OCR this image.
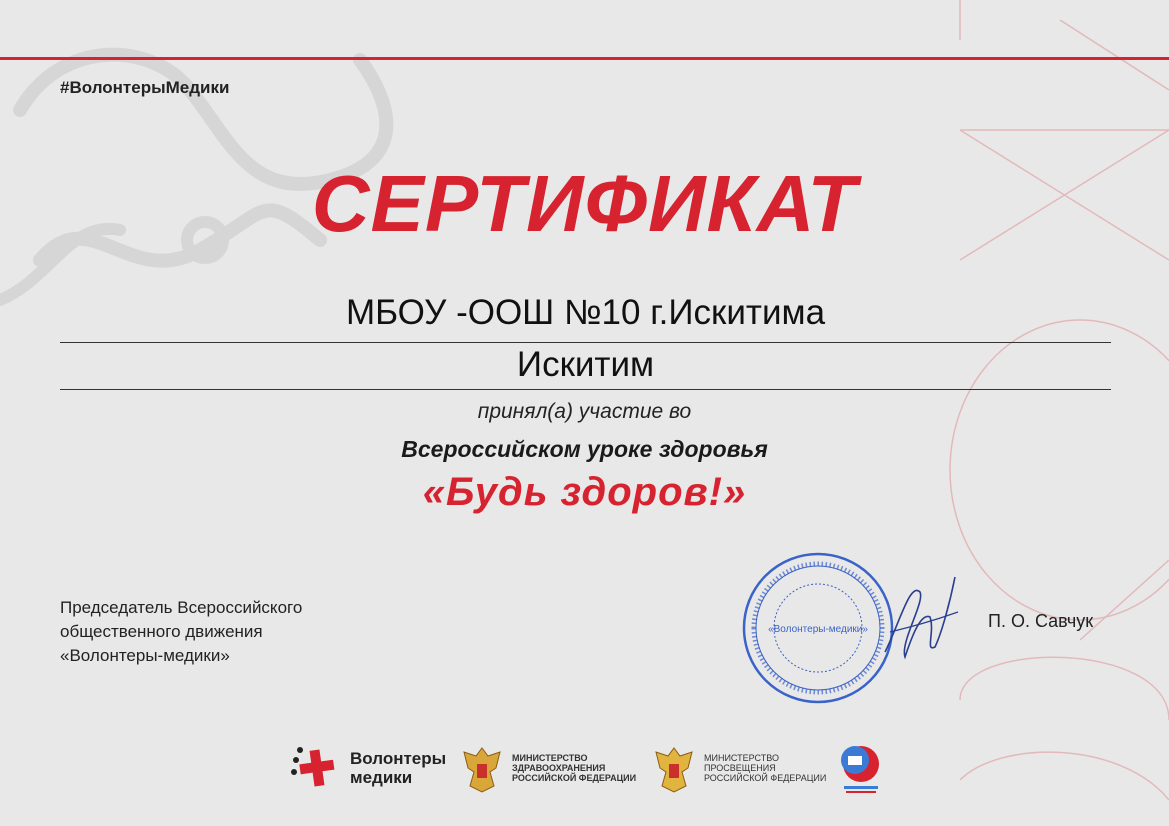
#ВолонтерыМедики
СЕРТИФИКАТ
МБОУ -ООШ №10 г.Искитима
Искитим
принял(а) участие во
Всероссийском уроке здоровья
«Будь здоров!»
Председатель Всероссийского
общественного движения
«Волонтеры-медики»
«Волонтеры-медики»	П. О. Савчук
Волонтеры
медики
МИНИСТЕРСТВО
ЗДРАВООХРАНЕНИЯ
РОССИЙСКОЙ ФЕДЕРАЦИИ
МИНИСТЕРСТВО
ПРОСВЕЩЕНИЯ
РОССИЙСКОЙ ФЕДЕРАЦИИ
